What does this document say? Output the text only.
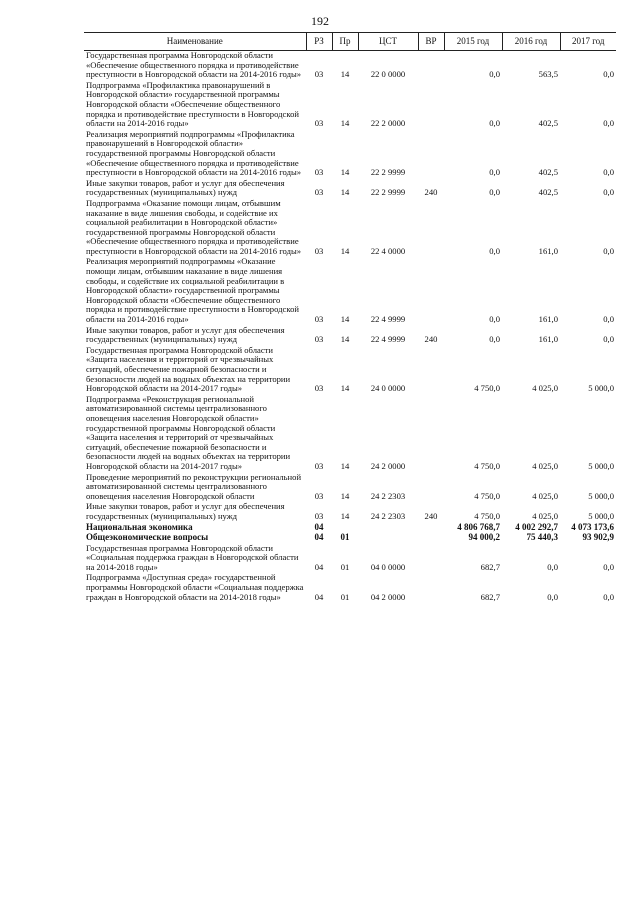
192
Наименование	РЗ	Пр	ЦСТ	ВР	2015 год	2016 год	2017 год
Государственная программа Новгородской области «Обеспечение общественного порядка и противодействие преступности в Новгородской области на 2014-2016 годы»	03	14	22 0 0000		0,0	563,5	0,0
Подпрограмма «Профилактика правонарушений в Новгородской области» государственной программы Новгородской области «Обеспечение общественного порядка и противодействие преступности в Новгородской области на 2014-2016 годы»	03	14	22 2 0000		0,0	402,5	0,0
Реализация мероприятий подпрограммы «Профилактика правонарушений в Новгородской области» государственной программы Новгородской области «Обеспечение общественного порядка и противодействие преступности в Новгородской области на 2014-2016 годы»	03	14	22 2 9999		0,0	402,5	0,0
Иные закупки товаров, работ и услуг для обеспечения государственных (муниципальных) нужд	03	14	22 2 9999	240	0,0	402,5	0,0
Подпрограмма «Оказание помощи лицам, отбывшим наказание в виде лишения свободы, и содействие их социальной реабилитации в Новгородской области» государственной программы Новгородской области «Обеспечение общественного порядка и противодействие преступности в Новгородской области на 2014-2016 годы»	03	14	22 4 0000		0,0	161,0	0,0
Реализация мероприятий подпрограммы «Оказание помощи лицам, отбывшим наказание в виде лишения свободы, и содействие их социальной реабилитации в Новгородской области» государственной программы Новгородской области «Обеспечение общественного порядка и противодействие преступности в Новгородской области на 2014-2016 годы»	03	14	22 4 9999		0,0	161,0	0,0
Иные закупки товаров, работ и услуг для обеспечения государственных (муниципальных) нужд	03	14	22 4 9999	240	0,0	161,0	0,0
Государственная программа Новгородской области «Защита населения и территорий от чрезвычайных ситуаций, обеспечение пожарной безопасности и безопасности людей на водных объектах на территории Новгородской области на 2014-2017 годы»	03	14	24 0 0000		4 750,0	4 025,0	5 000,0
Подпрограмма «Реконструкция региональной автоматизированной системы централизованного оповещения населения Новгородской области» государственной программы Новгородской области «Защита населения и территорий от чрезвычайных ситуаций, обеспечение пожарной безопасности и безопасности людей на водных объектах на территории Новгородской области на 2014-2017 годы»	03	14	24 2 0000		4 750,0	4 025,0	5 000,0
Проведение мероприятий по реконструкции региональной автоматизированной системы централизованного оповещения населения Новгородской области	03	14	24 2 2303		4 750,0	4 025,0	5 000,0
Иные закупки товаров, работ и услуг для обеспечения государственных (муниципальных) нужд	03	14	24 2 2303	240	4 750,0	4 025,0	5 000,0
Национальная экономика	04				4 806 768,7	4 002 292,7	4 073 173,6
Общеэкономические вопросы	04	01			94 000,2	75 440,3	93 902,9
Государственная программа Новгородской области «Социальная поддержка граждан в Новгородской области на 2014-2018 годы»	04	01	04 0 0000		682,7	0,0	0,0
Подпрограмма «Доступная среда» государственной программы Новгородской области «Социальная поддержка граждан в Новгородской области на 2014-2018 годы»	04	01	04 2 0000		682,7	0,0	0,0
